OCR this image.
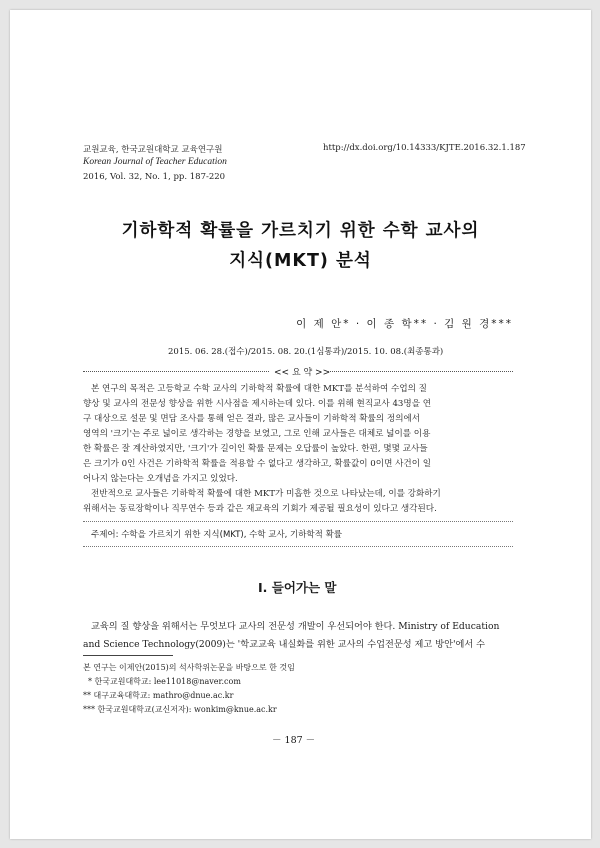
교원교육, 한국교원대학교 교육연구원	http://dx.doi.org/10.14333/KJTE.2016.32.1.187
Korean Journal of Teacher Education
2016, Vol. 32, No. 1, pp. 187-220
기하학적 확률을 가르치기 위한 수학 교사의
지식(MKT) 분석
이 제 안* · 이 종 학** · 김 원 경***
2015. 06. 28.(접수)/2015. 08. 20.(1심통과)/2015. 10. 08.(최종통과)
<< 요 약 >>
본 연구의 목적은 고등학교 수학 교사의 기하학적 확률에 대한 MKT를 분석하여 수업의 질
향상 및 교사의 전문성 향상을 위한 시사점을 제시하는데 있다. 이를 위해 현직교사 43명을 연
구 대상으로 설문 및 면담 조사를 통해 얻은 결과, 많은 교사들이 기하학적 확률의 정의에서
영역의 '크기'는 주로 넓이로 생각하는 경향을 보였고, 그로 인해 교사들은 대체로 넓이를 이용
한 확률은 잘 계산하였지만, '크기'가 길이인 확률 문제는 오답률이 높았다. 한편, 몇몇 교사들
은 크기가 0인 사건은 기하학적 확률을 적용할 수 없다고 생각하고, 확률값이 0이면 사건이 일
어나지 않는다는 오개념을 가지고 있었다.
전반적으로 교사들은 기하학적 확률에 대한 MKT가 미흡한 것으로 나타났는데, 이를 강화하기
위해서는 동료장학이나 직무연수 등과 같은 재교육의 기회가 제공될 필요성이 있다고 생각된다.
주제어: 수학을 가르치기 위한 지식(MKT), 수학 교사, 기하학적 확률
Ⅰ. 들어가는 말
교육의 질 향상을 위해서는 무엇보다 교사의 전문성 개발이 우선되어야 한다. Ministry of Education
and Science Technology(2009)는 '학교교육 내실화를 위한 교사의 수업전문성 제고 방안'에서 수
본 연구는 이제안(2015)의 석사학위논문을 바탕으로 한 것임
* 한국교원대학교: lee11018@naver.com
** 대구교육대학교: mathro@dnue.ac.kr
*** 한국교원대학교(교신저자): wonkim@knue.ac.kr
－ 187 －
